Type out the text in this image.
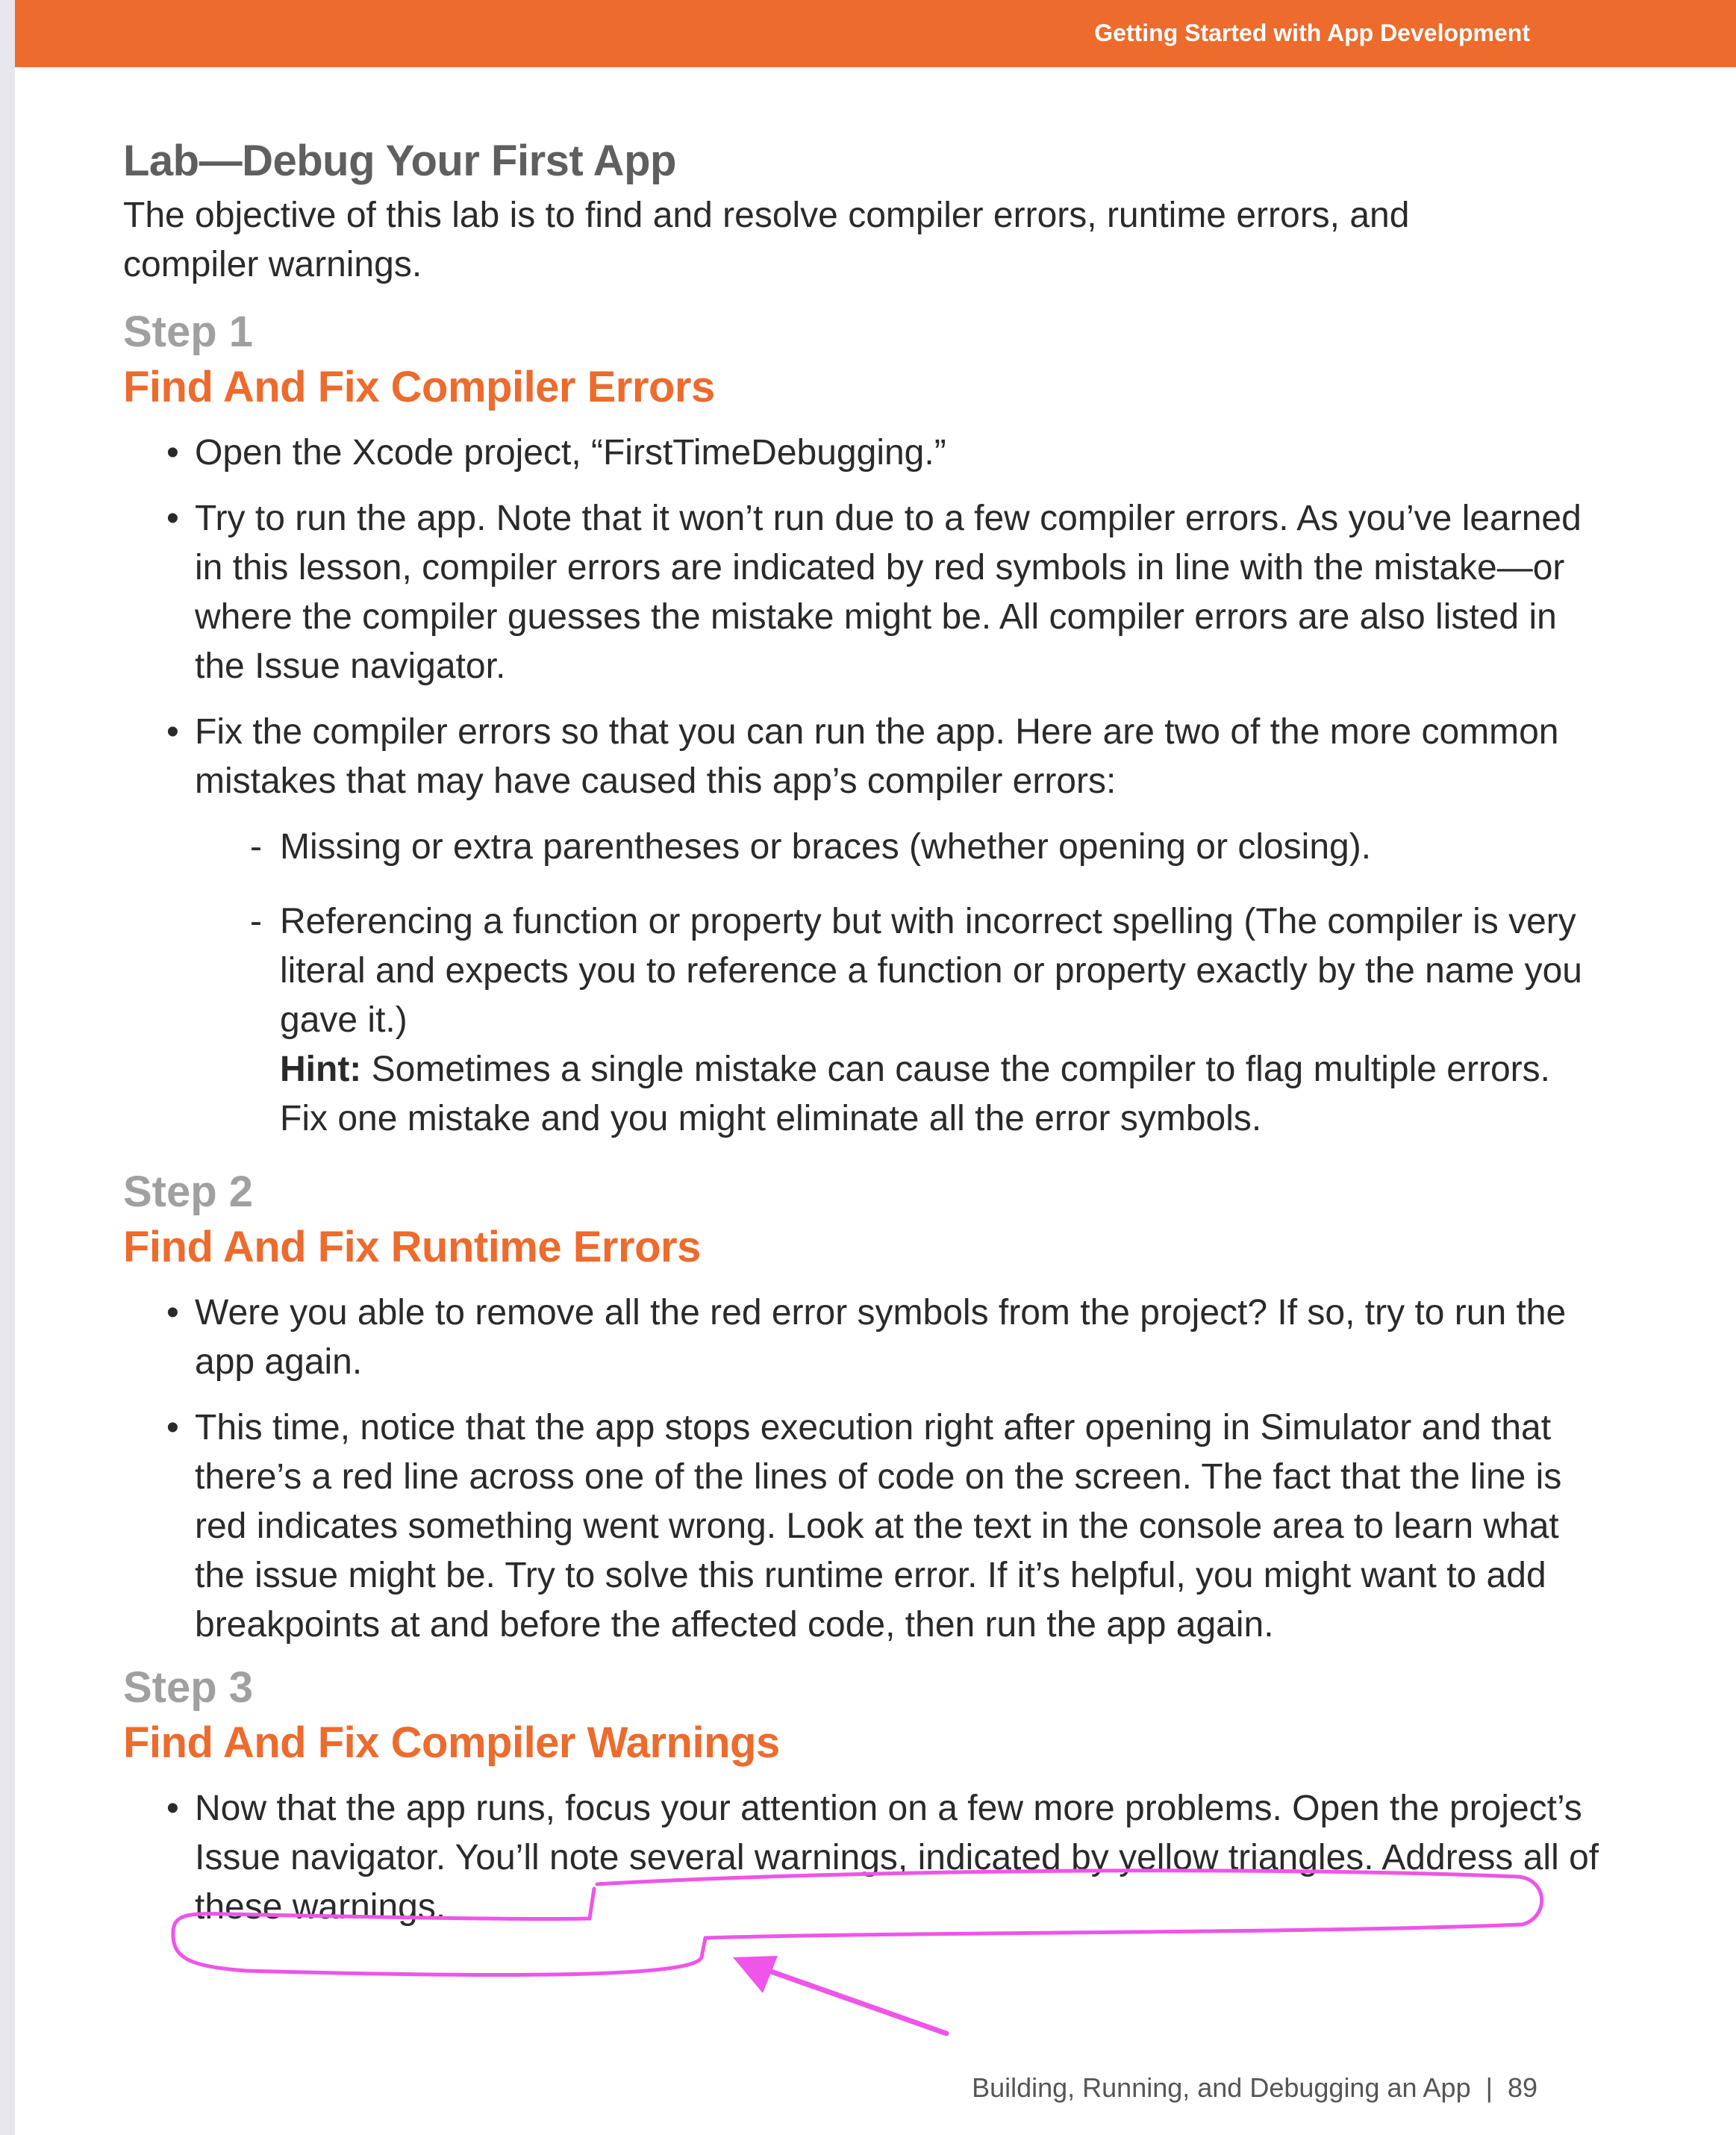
Getting Started with App Development
Lab—Debug Your First App

The objective of this lab is to find and resolve compiler errors, runtime errors, and compiler warnings.

Step 1
Find And Fix Compiler Errors
• Open the Xcode project, “FirstTimeDebugging.”
• Try to run the app. Note that it won’t run due to a few compiler errors. As you’ve learned in this lesson, compiler errors are indicated by red symbols in line with the mistake—or where the compiler guesses the mistake might be. All compiler errors are also listed in the Issue navigator.
• Fix the compiler errors so that you can run the app. Here are two of the more common mistakes that may have caused this app’s compiler errors:
- Missing or extra parentheses or braces (whether opening or closing).
- Referencing a function or property but with incorrect spelling (The compiler is very literal and expects you to reference a function or property exactly by the name you gave it.)
Hint: Sometimes a single mistake can cause the compiler to flag multiple errors. Fix one mistake and you might eliminate all the error symbols.
Step 2
Find And Fix Runtime Errors
• Were you able to remove all the red error symbols from the project? If so, try to run the app again.
• This time, notice that the app stops execution right after opening in Simulator and that there’s a red line across one of the lines of code on the screen. The fact that the line is red indicates something went wrong. Look at the text in the console area to learn what the issue might be. Try to solve this runtime error. If it’s helpful, you might want to add breakpoints at and before the affected code, then run the app again.
Step 3
Find And Fix Compiler Warnings
• Now that the app runs, focus your attention on a few more problems. Open the project’s Issue navigator. You’ll note several warnings, indicated by yellow triangles. Address all of these warnings.
Building, Running, and Debugging an App  |  89
